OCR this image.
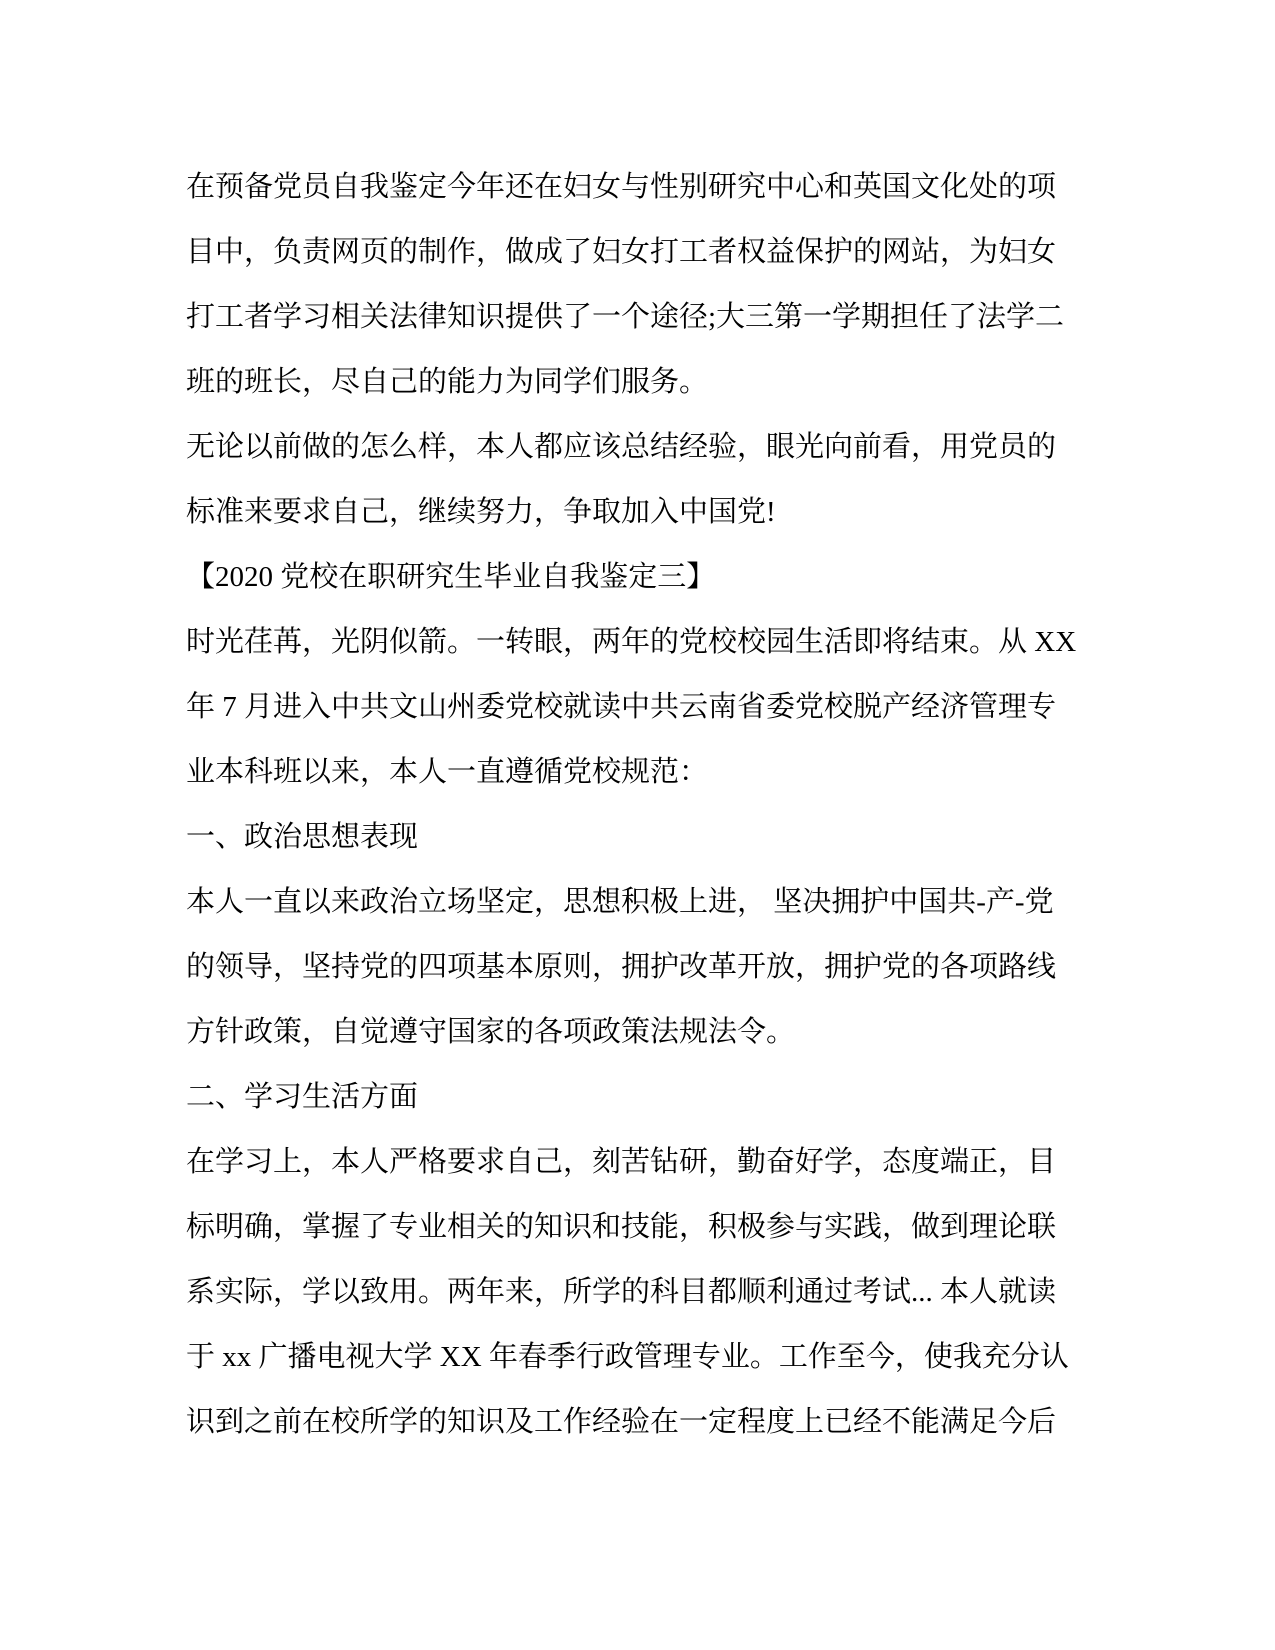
在预备党员自我鉴定今年还在妇女与性别研究中心和英国文化处的项
目中，负责网页的制作，做成了妇女打工者权益保护的网站，为妇女
打工者学习相关法律知识提供了一个途径;大三第一学期担任了法学二
班的班长，尽自己的能力为同学们服务。
无论以前做的怎么样，本人都应该总结经验，眼光向前看，用党员的
标准来要求自己，继续努力，争取加入中国党!
【2020 党校在职研究生毕业自我鉴定三】
时光荏苒，光阴似箭。一转眼，两年的党校校园生活即将结束。从 XX
年 7 月进入中共文山州委党校就读中共云南省委党校脱产经济管理专
业本科班以来，本人一直遵循党校规范：
一、政治思想表现
本人一直以来政治立场坚定，思想积极上进， 坚决拥护中国共-产-党
的领导，坚持党的四项基本原则，拥护改革开放，拥护党的各项路线
方针政策，自觉遵守国家的各项政策法规法令。
二、学习生活方面
在学习上，本人严格要求自己，刻苦钻研，勤奋好学，态度端正，目
标明确，掌握了专业相关的知识和技能，积极参与实践，做到理论联
系实际，学以致用。两年来，所学的科目都顺利通过考试... 本人就读
于 xx 广播电视大学 XX 年春季行政管理专业。工作至今，使我充分认
识到之前在校所学的知识及工作经验在一定程度上已经不能满足今后
